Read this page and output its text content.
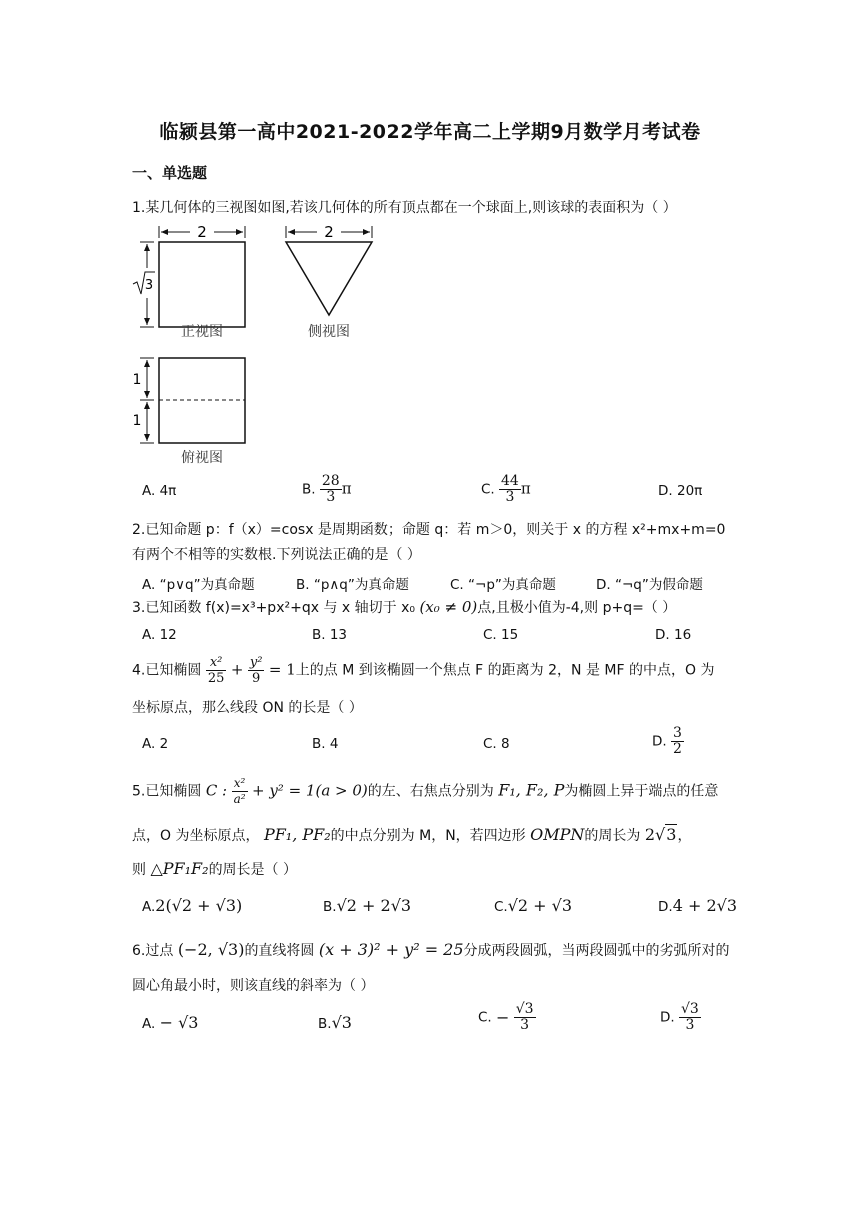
临颍县第一高中2021-2022学年高二上学期9月数学月考试卷
一、单选题
1.某几何体的三视图如图,若该几何体的所有顶点都在一个球面上,则该球的表面积为（ ）
2
3
正视图
2
侧视图
1
1
俯视图
A. 4π	B. $\frac{28}{3}$ π	C. $\frac{44}{3}$ π	D. 20π
2.已知命题 p：f（x）=cosx 是周期函数；命题 q：若 m＞0，则关于 x 的方程 x²+mx+m=0
有两个不相等的实数根.下列说法正确的是（ ）
A. “p∨q”为真命题	B. “p∧q”为真命题	C. “¬p”为真命题	D. “¬q”为假命题
3.已知函数 f(x)=x³+px²+qx 与 x 轴切于 x₀ (x₀ ≠ 0)点,且极小值为-4,则 p+q=（ ）
A. 12	B. 13	C. 15	D. 16
4.已知椭圆 $\frac{\text{x²}}{25} + \frac{\text{y²}}{9} = 1$上的点 M 到该椭圆一个焦点 F 的距离为 2，N 是 MF 的中点，O 为
坐标原点，那么线段 ON 的长是（ ）
A. 2	B. 4	C. 8	D. $\frac{3}{2}$
5.已知椭圆 C : $\frac{\text{x²}}{\text{a²}} + y^2 = 1(a > 0)$的左、右焦点分别为 F₁, F₂, P为椭圆上异于端点的任意
点，O 为坐标原点， PF₁, PF₂的中点分别为 M，N，若四边形 OMPN的周长为 2√3，
则 △PF₁F₂的周长是（ ）
A.2(√2 + √3)	B.√2 + 2√3	C.√2 + √3	D.4 + 2√3
6.过点 (−2, √3)的直线将圆 (x + 3)² + y² = 25分成两段圆弧，当两段圆弧中的劣弧所对的
圆心角最小时，则该直线的斜率为（ ）
A. − √3	B.√3	C. − $\frac{√3}{3}$	D. $\frac{√3}{3}$
